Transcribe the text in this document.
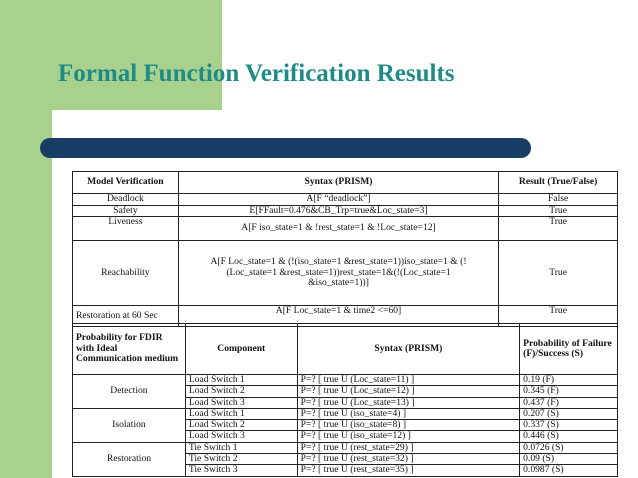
Formal Function Verification Results
Model Verification	Syntax (PRISM)	Result (True/False)
Deadlock	A[F “deadlock”]	False
Safety	E[FFault=0.476&CB_Trp=true&Loc_state=3]	True
Liveness	A[F iso_state=1 & !rest_state=1 & !Loc_state=12]	True
Reachability	A[F Loc_state=1 & (!(iso_state=1 &rest_state=1))iso_state=1 & (!(Loc_state=1 &rest_state=1))rest_state=1&(!(Loc_state=1 &iso_state=1))]	True
Restoration at 60 Sec	A[F Loc_state=1 & time2 <=60]	True
Probability for FDIR with Ideal Communication medium	Component	Syntax (PRISM)	Probability of Failure (F)/Success (S)
Detection	Load Switch 1	P=? [ true U (Loc_state=11) ]	0.19 (F)
	Load Switch 2	P=? [ true U (Loc_state=12) ]	0.345 (F)
	Load Switch 3	P=? [ true U (Loc_state=13) ]	0.437 (F)
Isolation	Load Switch 1	P=? [ true U (iso_state=4) ]	0.207 (S)
	Load Switch 2	P=? [ true U (iso_state=8) ]	0.337 (S)
	Load Switch 3	P=? [ true U (iso_state=12) ]	0.446 (S)
Restoration	Tie Switch 1	P=? [ true U (rest_state=29) ]	0.0726 (S)
	Tie Switch 2	P=? [ true U (rest_state=32) ]	0.09 (S)
	Tie Switch 3	P=? [ true U (rest_state=35) ]	0.0987 (S)
